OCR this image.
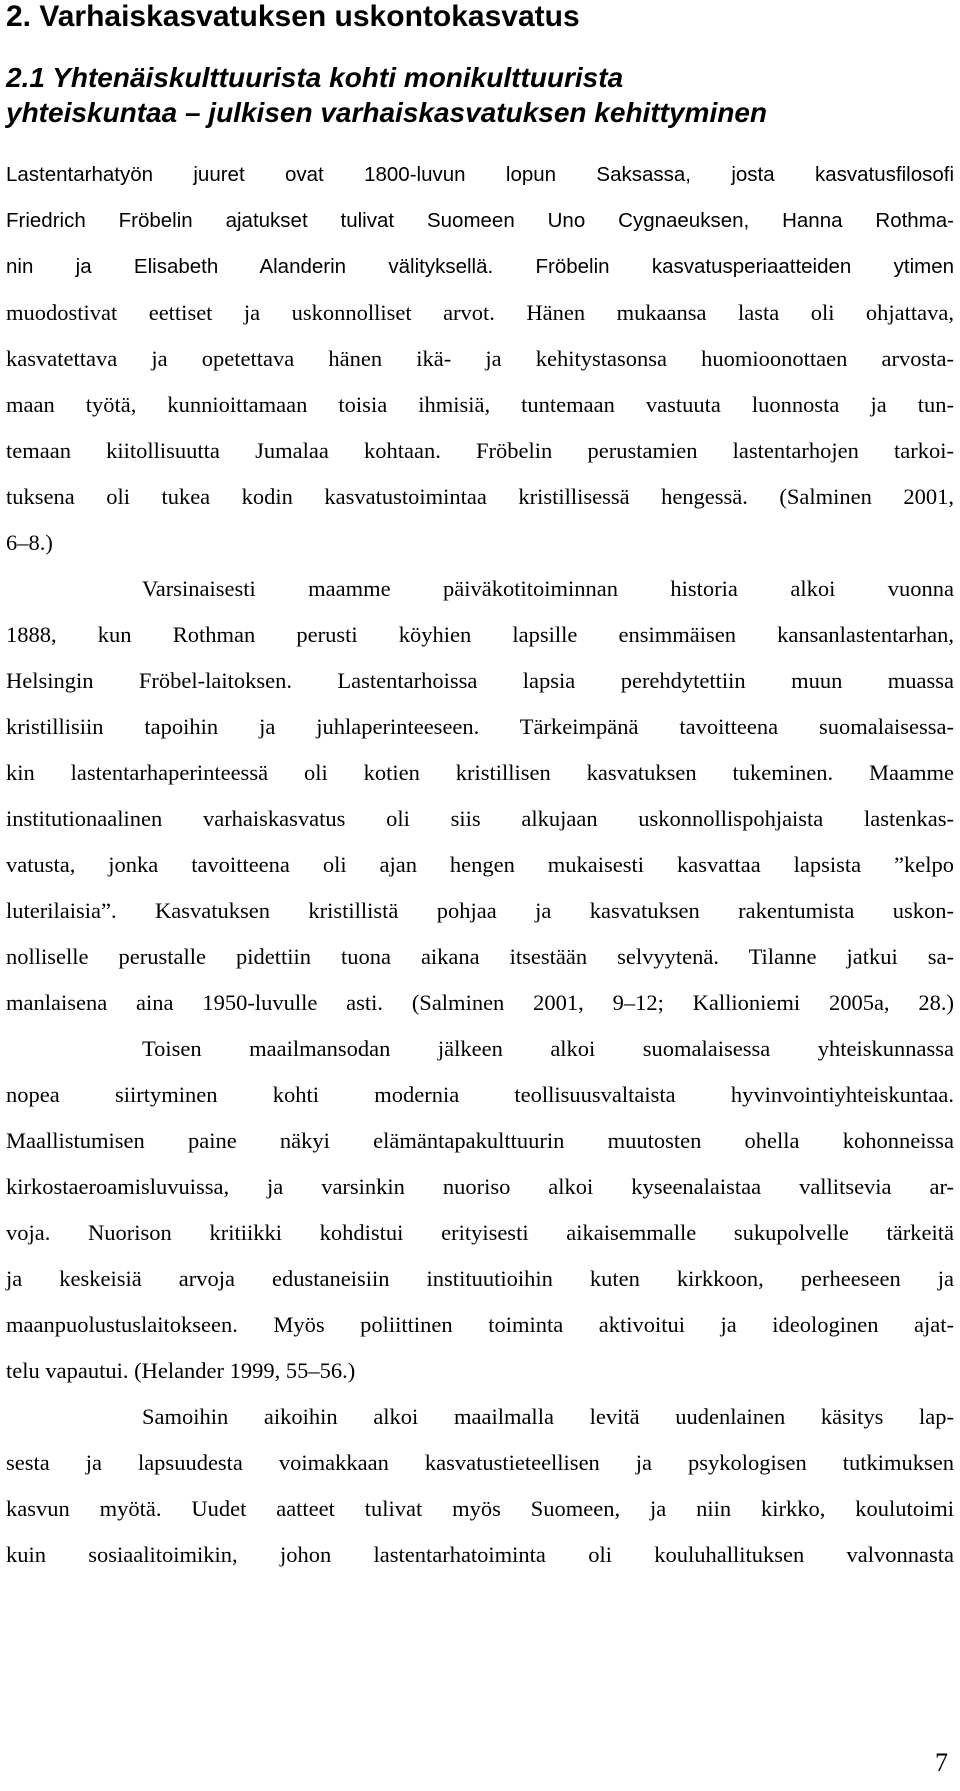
2. Varhaiskasvatuksen uskontokasvatus
2.1 Yhtenäiskulttuurista kohti monikulttuurista
yhteiskuntaa – julkisen varhaiskasvatuksen kehittyminen
Lastentarhatyön juuret ovat 1800-luvun lopun Saksassa, josta kasvatusfilosofi
Friedrich Fröbelin ajatukset tulivat Suomeen Uno Cygnaeuksen, Hanna Rothma-
nin ja Elisabeth Alanderin välityksellä. Fröbelin kasvatusperiaatteiden ytimen
muodostivat eettiset ja uskonnolliset arvot. Hänen mukaansa lasta oli ohjattava,
kasvatettava ja opetettava hänen ikä- ja kehitystasonsa huomioonottaen arvosta-
maan työtä, kunnioittamaan toisia ihmisiä, tuntemaan vastuuta luonnosta ja tun-
temaan kiitollisuutta Jumalaa kohtaan. Fröbelin perustamien lastentarhojen tarkoi-
tuksena oli tukea kodin kasvatustoimintaa kristillisessä hengessä. (Salminen 2001,
6–8.)
Varsinaisesti maamme päiväkotitoiminnan historia alkoi vuonna
1888, kun Rothman perusti köyhien lapsille ensimmäisen kansanlastentarhan,
Helsingin Fröbel-laitoksen. Lastentarhoissa lapsia perehdytettiin muun muassa
kristillisiin tapoihin ja juhlaperinteeseen. Tärkeimpänä tavoitteena suomalaisessa-
kin lastentarhaperinteessä oli kotien kristillisen kasvatuksen tukeminen. Maamme
institutionaalinen varhaiskasvatus oli siis alkujaan uskonnollispohjaista lastenkas-
vatusta, jonka tavoitteena oli ajan hengen mukaisesti kasvattaa lapsista ”kelpo
luterilaisia”. Kasvatuksen kristillistä pohjaa ja kasvatuksen rakentumista uskon-
nolliselle perustalle pidettiin tuona aikana itsestään selvyytenä. Tilanne jatkui sa-
manlaisena aina 1950-luvulle asti. (Salminen 2001, 9–12; Kallioniemi 2005a, 28.)
Toisen maailmansodan jälkeen alkoi suomalaisessa yhteiskunnassa
nopea siirtyminen kohti modernia teollisuusvaltaista hyvinvointiyhteiskuntaa.
Maallistumisen paine näkyi elämäntapakulttuurin muutosten ohella kohonneissa
kirkostaeroamisluvuissa, ja varsinkin nuoriso alkoi kyseenalaistaa vallitsevia ar-
voja. Nuorison kritiikki kohdistui erityisesti aikaisemmalle sukupolvelle tärkeitä
ja keskeisiä arvoja edustaneisiin instituutioihin kuten kirkkoon, perheeseen ja
maanpuolustuslaitokseen. Myös poliittinen toiminta aktivoitui ja ideologinen ajat-
telu vapautui. (Helander 1999, 55–56.)
Samoihin aikoihin alkoi maailmalla levitä uudenlainen käsitys lap-
sesta ja lapsuudesta voimakkaan kasvatustieteellisen ja psykologisen tutkimuksen
kasvun myötä. Uudet aatteet tulivat myös Suomeen, ja niin kirkko, koulutoimi
kuin sosiaalitoimikin, johon lastentarhatoiminta oli kouluhallituksen valvonnasta
7
